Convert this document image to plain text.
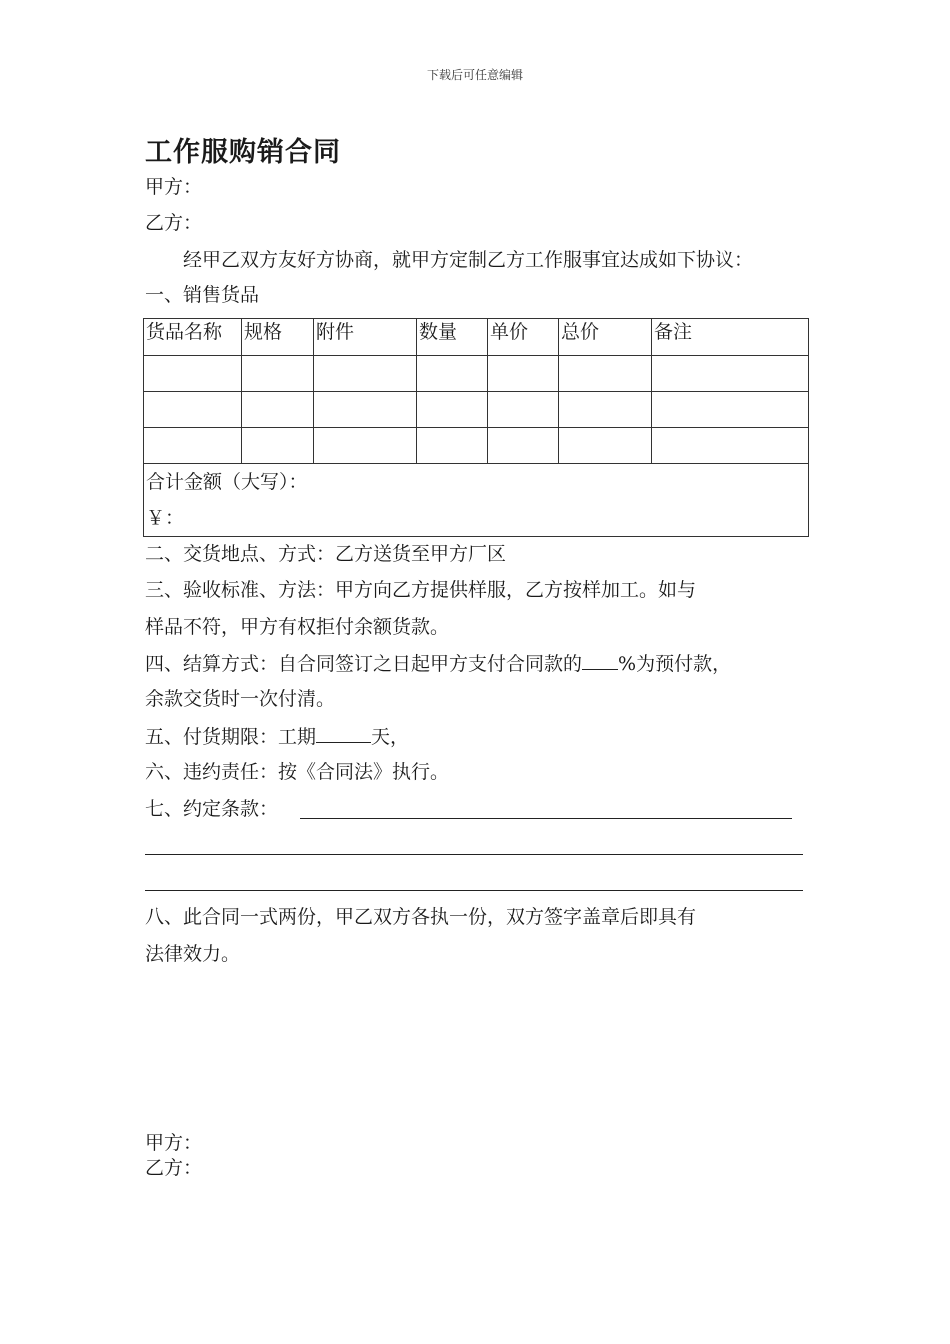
下载后可任意编辑
工作服购销合同
甲方：
乙方：
经甲乙双方友好方协商，就甲方定制乙方工作服事宜达成如下协议：
一、销售货品
货品名称	规格	附件	数量	单价	总价	备注

合计金额（大写）：
￥：						
二、交货地点、方式：乙方送货至甲方厂区
三、验收标准、方法：甲方向乙方提供样服，乙方按样加工。如与
样品不符，甲方有权拒付余额货款。
四、结算方式：自合同签订之日起甲方支付合同款的 %为预付款，
余款交货时一次付清。
五、付货期限：工期	天，
六、违约责任：按《合同法》执行。
七、约定条款：
八、此合同一式两份，甲乙双方各执一份，双方签字盖章后即具有
法律效力。
甲方：
乙方：
